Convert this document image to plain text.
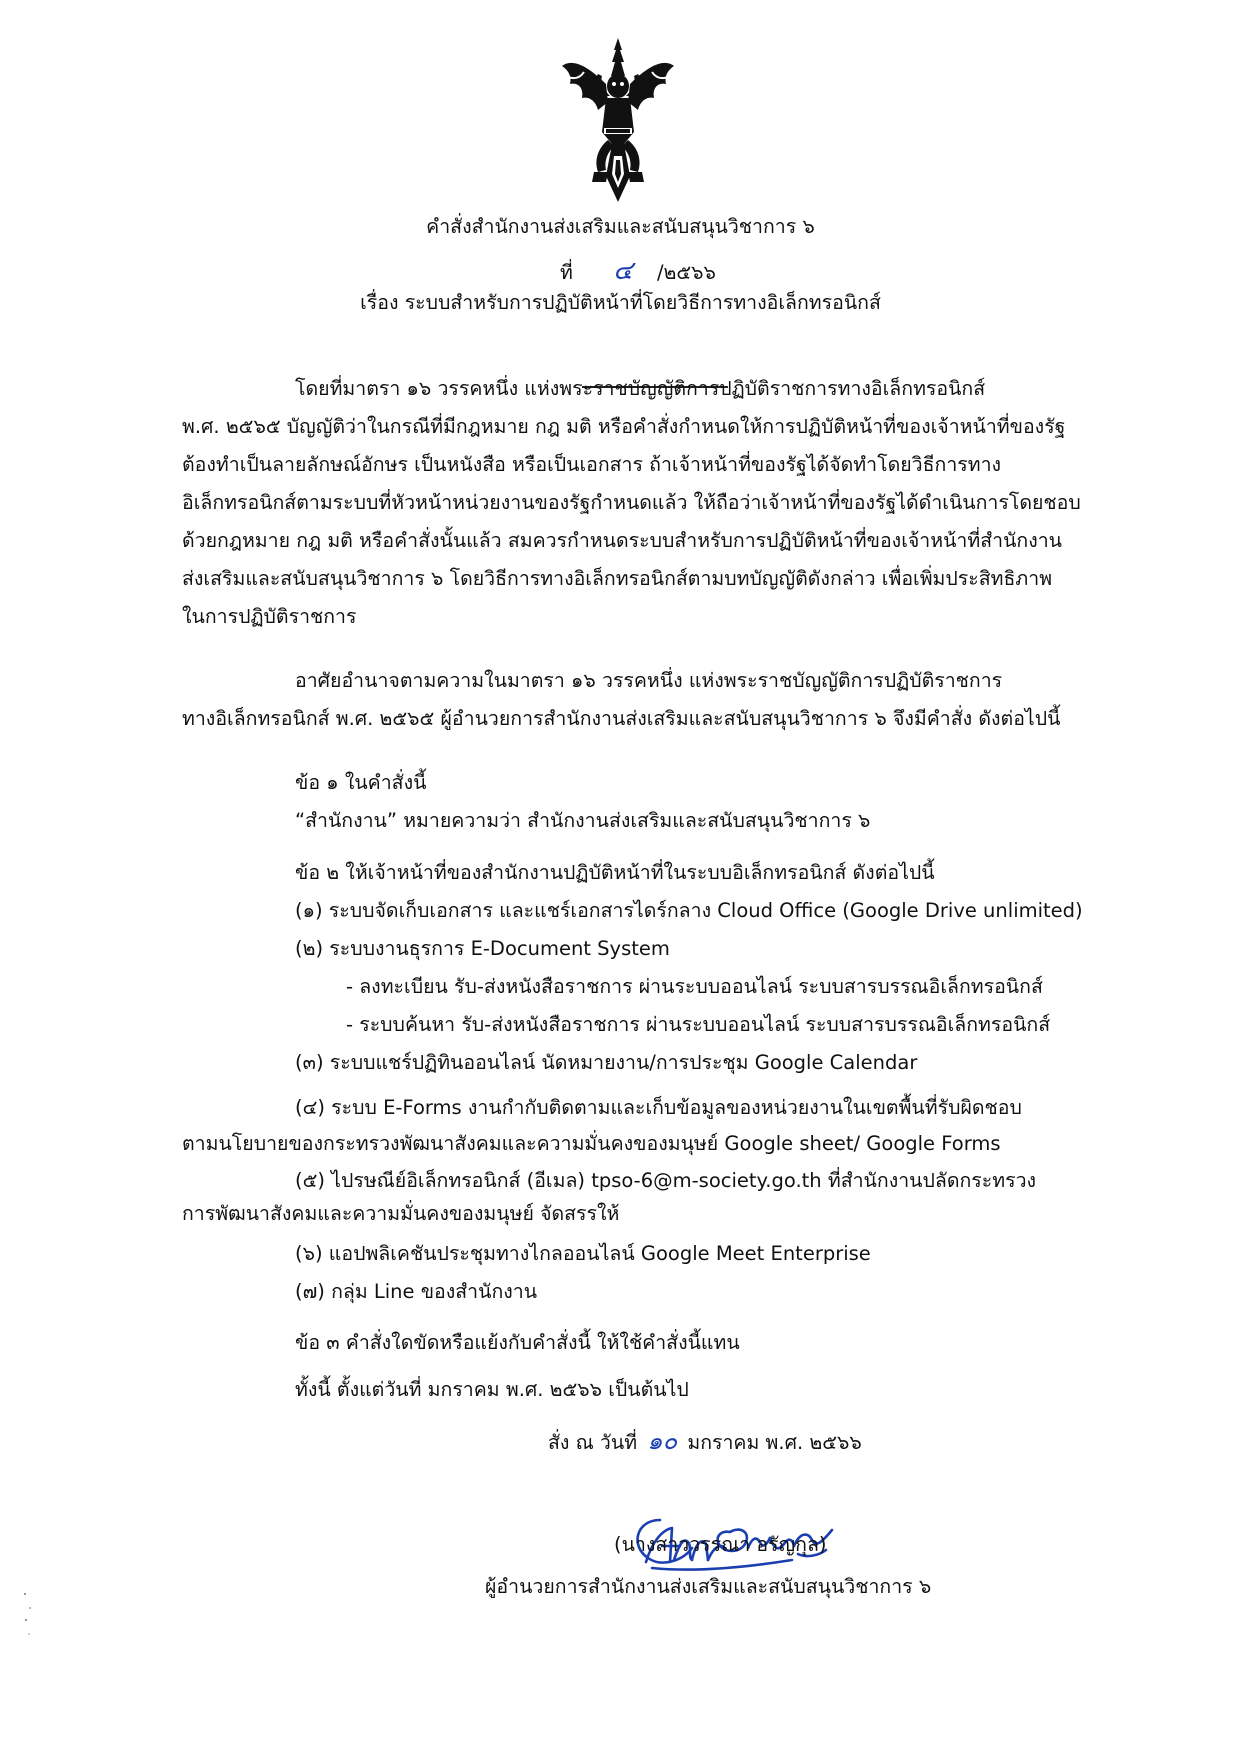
คำสั่งสำนักงานส่งเสริมและสนับสนุนวิชาการ ๖
ที่ ๔ /๒๕๖๖
เรื่อง ระบบสำหรับการปฏิบัติหน้าที่โดยวิธีการทางอิเล็กทรอนิกส์
โดยที่มาตรา ๑๖ วรรคหนึ่ง แห่งพระราชบัญญัติการปฏิบัติราชการทางอิเล็กทรอนิกส์
พ.ศ. ๒๕๖๕ บัญญัติว่าในกรณีที่มีกฎหมาย กฎ มติ หรือคำสั่งกำหนดให้การปฏิบัติหน้าที่ของเจ้าหน้าที่ของรัฐ
ต้องทำเป็นลายลักษณ์อักษร เป็นหนังสือ หรือเป็นเอกสาร ถ้าเจ้าหน้าที่ของรัฐได้จัดทำโดยวิธีการทาง
อิเล็กทรอนิกส์ตามระบบที่หัวหน้าหน่วยงานของรัฐกำหนดแล้ว ให้ถือว่าเจ้าหน้าที่ของรัฐได้ดำเนินการโดยชอบ
ด้วยกฎหมาย กฎ มติ หรือคำสั่งนั้นแล้ว สมควรกำหนดระบบสำหรับการปฏิบัติหน้าที่ของเจ้าหน้าที่สำนักงาน
ส่งเสริมและสนับสนุนวิชาการ ๖ โดยวิธีการทางอิเล็กทรอนิกส์ตามบทบัญญัติดังกล่าว เพื่อเพิ่มประสิทธิภาพ
ในการปฏิบัติราชการ
อาศัยอำนาจตามความในมาตรา ๑๖ วรรคหนึ่ง แห่งพระราชบัญญัติการปฏิบัติราชการ
ทางอิเล็กทรอนิกส์ พ.ศ. ๒๕๖๕ ผู้อำนวยการสำนักงานส่งเสริมและสนับสนุนวิชาการ ๖ จึงมีคำสั่ง ดังต่อไปนี้
ข้อ ๑ ในคำสั่งนี้
“สำนักงาน” หมายความว่า สำนักงานส่งเสริมและสนับสนุนวิชาการ ๖
ข้อ ๒ ให้เจ้าหน้าที่ของสำนักงานปฏิบัติหน้าที่ในระบบอิเล็กทรอนิกส์ ดังต่อไปนี้
(๑) ระบบจัดเก็บเอกสาร และแชร์เอกสารไดร์กลาง Cloud Office (Google Drive unlimited)
(๒) ระบบงานธุรการ E-Document System
- ลงทะเบียน รับ-ส่งหนังสือราชการ ผ่านระบบออนไลน์ ระบบสารบรรณอิเล็กทรอนิกส์
- ระบบค้นหา รับ-ส่งหนังสือราชการ ผ่านระบบออนไลน์ ระบบสารบรรณอิเล็กทรอนิกส์
(๓) ระบบแชร์ปฏิทินออนไลน์ นัดหมายงาน/การประชุม Google Calendar
(๔) ระบบ E-Forms งานกำกับติดตามและเก็บข้อมูลของหน่วยงานในเขตพื้นที่รับผิดชอบ
ตามนโยบายของกระทรวงพัฒนาสังคมและความมั่นคงของมนุษย์ Google sheet/ Google Forms
(๕) ไปรษณีย์อิเล็กทรอนิกส์ (อีเมล) tpso-6@m-society.go.th ที่สำนักงานปลัดกระทรวง
การพัฒนาสังคมและความมั่นคงของมนุษย์ จัดสรรให้
(๖) แอปพลิเคชันประชุมทางไกลออนไลน์ Google Meet Enterprise
(๗) กลุ่ม Line ของสำนักงาน
ข้อ ๓ คำสั่งใดขัดหรือแย้งกับคำสั่งนี้ ให้ใช้คำสั่งนี้แทน
ทั้งนี้ ตั้งแต่วันที่ มกราคม พ.ศ. ๒๕๖๖ เป็นต้นไป
สั่ง ณ วันที่ ๑๐ มกราคม พ.ศ. ๒๕๖๖
(นางสาววรรณา อรัญกุล)
ผู้อำนวยการสำนักงานส่งเสริมและสนับสนุนวิชาการ ๖
